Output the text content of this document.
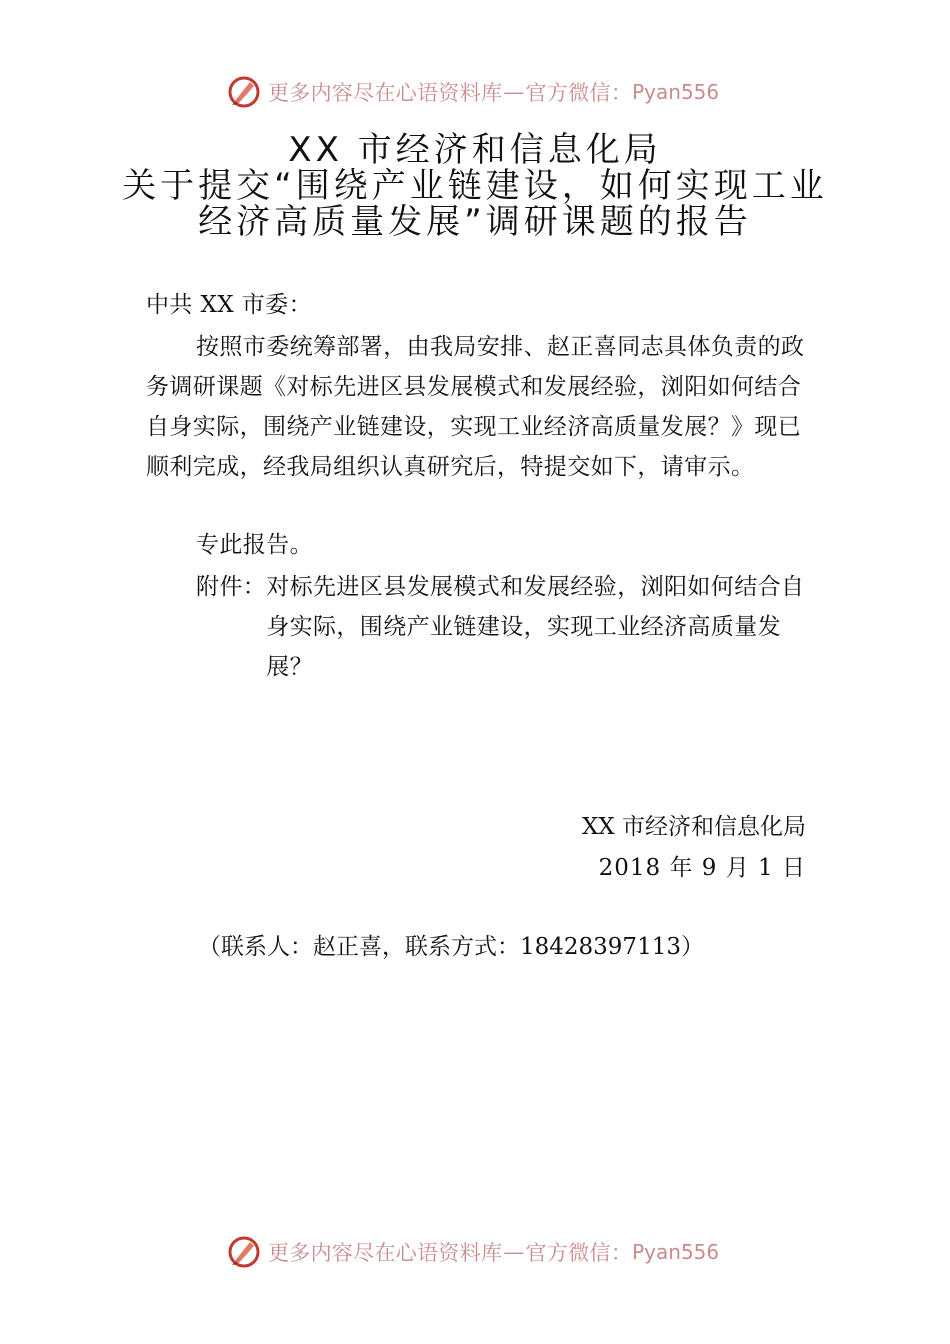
更多内容尽在心语资料库 — 官方微信： Pyan556
XX 市经济和信息化局
关于提交“围绕产业链建设，如何实现工业
经济高质量发展”调研课题的报告
中共 XX 市委：
按照市委统筹部署，由我局安排、赵正喜同志具体负责的政务调研课题《对标先进区县发展模式和发展经验，浏阳如何结合自身实际，围绕产业链建设，实现工业经济高质量发展？》现已顺利完成，经我局组织认真研究后，特提交如下，请审示。
专此报告。
附件： 对标先进区县发展模式和发展经验，浏阳如何结合自身实际，围绕产业链建设，实现工业经济高质量发展？
XX 市经济和信息化局
2018 年 9 月 1 日
（联系人：赵正喜，联系方式：18428397113）
更多内容尽在心语资料库 — 官方微信： Pyan556
